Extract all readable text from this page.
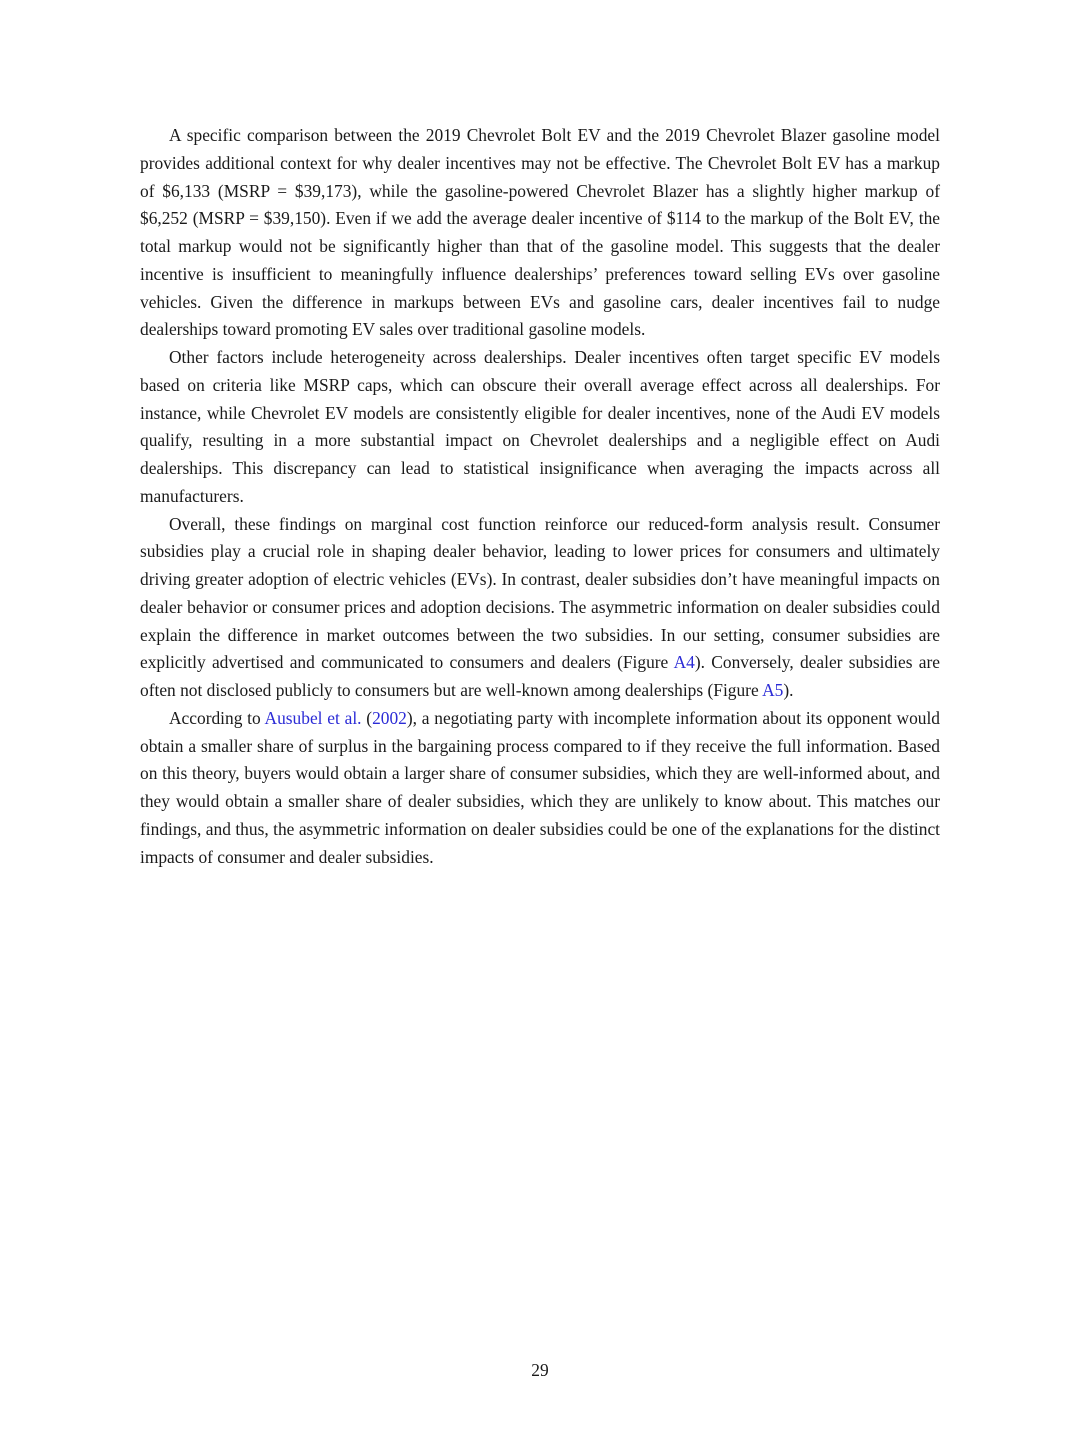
A specific comparison between the 2019 Chevrolet Bolt EV and the 2019 Chevrolet Blazer gasoline model provides additional context for why dealer incentives may not be effective. The Chevrolet Bolt EV has a markup of $6,133 (MSRP = $39,173), while the gasoline-powered Chevrolet Blazer has a slightly higher markup of $6,252 (MSRP = $39,150). Even if we add the average dealer incentive of $114 to the markup of the Bolt EV, the total markup would not be significantly higher than that of the gasoline model. This suggests that the dealer incentive is insufficient to meaningfully influence dealerships’ preferences toward selling EVs over gasoline vehicles. Given the difference in markups between EVs and gasoline cars, dealer incentives fail to nudge dealerships toward promoting EV sales over traditional gasoline models.

Other factors include heterogeneity across dealerships. Dealer incentives often target specific EV models based on criteria like MSRP caps, which can obscure their overall average effect across all dealerships. For instance, while Chevrolet EV models are consistently eligible for dealer incentives, none of the Audi EV models qualify, resulting in a more substantial impact on Chevrolet dealerships and a negligible effect on Audi dealerships. This discrepancy can lead to statistical insignificance when averaging the impacts across all manufacturers.

Overall, these findings on marginal cost function reinforce our reduced-form analysis result. Consumer subsidies play a crucial role in shaping dealer behavior, leading to lower prices for consumers and ultimately driving greater adoption of electric vehicles (EVs). In contrast, dealer subsidies don’t have meaningful impacts on dealer behavior or consumer prices and adoption decisions. The asymmetric information on dealer subsidies could explain the difference in market outcomes between the two subsidies. In our setting, consumer subsidies are explicitly advertised and communicated to consumers and dealers (Figure A4). Conversely, dealer subsidies are often not disclosed publicly to consumers but are well-known among dealerships (Figure A5).

According to Ausubel et al. (2002), a negotiating party with incomplete information about its opponent would obtain a smaller share of surplus in the bargaining process compared to if they receive the full information. Based on this theory, buyers would obtain a larger share of consumer subsidies, which they are well-informed about, and they would obtain a smaller share of dealer subsidies, which they are unlikely to know about. This matches our findings, and thus, the asymmetric information on dealer subsidies could be one of the explanations for the distinct impacts of consumer and dealer subsidies.

29
